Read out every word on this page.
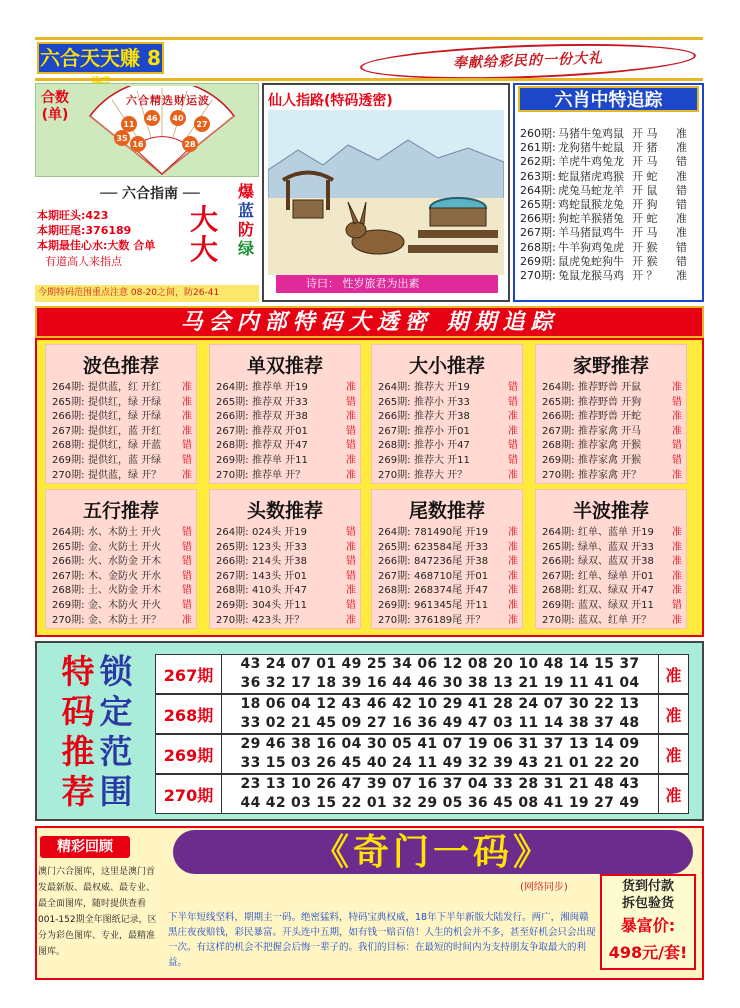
六合天天赚 8	奉献给彩民的一份大礼
合数(单)
11
46 40
27
16
35
28
六合精选财运波
── 六合指南 ──
本期旺头:423
本期旺尾:376189
本期最佳心水:大数 合单
有道高人来指点
大大
爆
蓝
防
绿
今期特码范围重点注意 08-20之间，防26-41
仙人指路(特码透密)
诗曰： 性岁旅君为出素
六肖中特追踪
260期: 马猪牛兔鸡鼠 开 马	准
261期: 龙狗猪牛蛇鼠 开 猪	准
262期: 羊虎牛鸡兔龙 开 马	错
263期: 蛇鼠猪虎鸡猴 开 蛇	准
264期: 虎兔马蛇龙羊 开 鼠	错
265期: 鸡蛇鼠猴龙兔 开 狗	错
266期: 狗蛇羊猴猪兔 开 蛇	准
267期: 羊马猪鼠鸡牛 开 马	准
268期: 牛羊狗鸡兔虎 开 猴	错
269期: 鼠虎兔蛇狗牛 开 猴	错
270期: 兔鼠龙猴马鸡 开 ？	准
马会内部特码大透密 期期追踪
波色推荐
264期: 提供蓝，红 开红	准
265期: 提供红，绿 开绿	准
266期: 提供红，绿 开绿	准
267期: 提供红，蓝 开红	准
268期: 提供红，绿 开蓝	错
269期: 提供红，蓝 开绿	错
270期: 提供蓝，绿 开？	准
单双推荐
264期: 推荐单 开19	准
265期: 推荐双 开33	错
266期: 推荐双 开38	准
267期: 推荐双 开01	错
268期: 推荐双 开47	错
269期: 推荐单 开11	准
270期: 推荐单 开？	准
大小推荐
264期: 推荐大 开19	错
265期: 推荐小 开33	错
266期: 推荐大 开38	准
267期: 推荐小 开01	准
268期: 推荐小 开47	错
269期: 推荐大 开11	错
270期: 推荐大 开？	准
家野推荐
264期: 推荐野兽 开鼠	准
265期: 推荐野兽 开狗	错
266期: 推荐野兽 开蛇	准
267期: 推荐家禽 开马	准
268期: 推荐家禽 开猴	错
269期: 推荐家禽 开猴	错
270期: 推荐家禽 开？	准
五行推荐
264期: 水、木防土 开火	错
265期: 金、火防土 开火	错
266期: 火、水防金 开木	错
267期: 木、金防火 开水	错
268期: 土、火防金 开木	错
269期: 金、木防火 开火	错
270期: 金、木防土 开？	准
头数推荐
264期: 024头 开19	错
265期: 123头 开33	准
266期: 214头 开38	错
267期: 143头 开01	错
268期: 410头 开47	准
269期: 304头 开11	错
270期: 423头 开？	准
尾数推荐
264期: 781490尾 开19	准
265期: 623584尾 开33	准
266期: 847236尾 开38	准
267期: 468710尾 开01	准
268期: 268374尾 开47	准
269期: 961345尾 开11	准
270期: 376189尾 开？	准
半波推荐
264期: 红单、蓝单 开19	准
265期: 绿单、蓝双 开33	准
266期: 绿双、蓝双 开38	准
267期: 红单、绿单 开01	准
268期: 红双、绿双 开47	准
269期: 蓝双、绿双 开11	错
270期: 蓝双、红单 开？	准
特
码
推
荐
锁
定
范
围
267期
43 24 07 01 49 25 34 06 12 08 20 10 48 14 15 37
36 32 17 18 39 16 44 46 30 38 13 21 19 11 41 04	准
268期
18 06 04 12 43 46 42 10 29 41 28 24 07 30 22 13
33 02 21 45 09 27 16 36 49 47 03 11 14 38 37 48	准
269期
29 46 38 16 04 30 05 41 07 19 06 31 37 13 14 09
33 15 03 26 45 40 24 11 49 32 39 43 21 01 22 20	准
270期
23 13 10 26 47 39 07 16 37 04 33 28 31 21 48 43
44 42 03 15 22 01 32 29 05 36 45 08 41 19 27 49	准
精彩回顾
澳门六合图库，这里是澳门首发最新版、最权威、最专业、最全面图库，随时提供查看001-152期全年图纸记录，区分为彩色图库、专业，最精准图库。
《奇门一码》
(网络同步)
下半年短线坚料，期期主一码。绝密猛料，特码宝典权威，18年下半年新版大陆发行。两广，湘闽赣黑庄夜夜赔钱，彩民暴富。开头连中五期，如有钱一赔百倍！人生的机会并不多，甚至好机会只会出现一次。有这样的机会不把握会后悔一辈子的。我们的目标：在最短的时间内为支持朋友争取最大的利益。
货到付款
拆包验货
暴富价:
498元/套!
